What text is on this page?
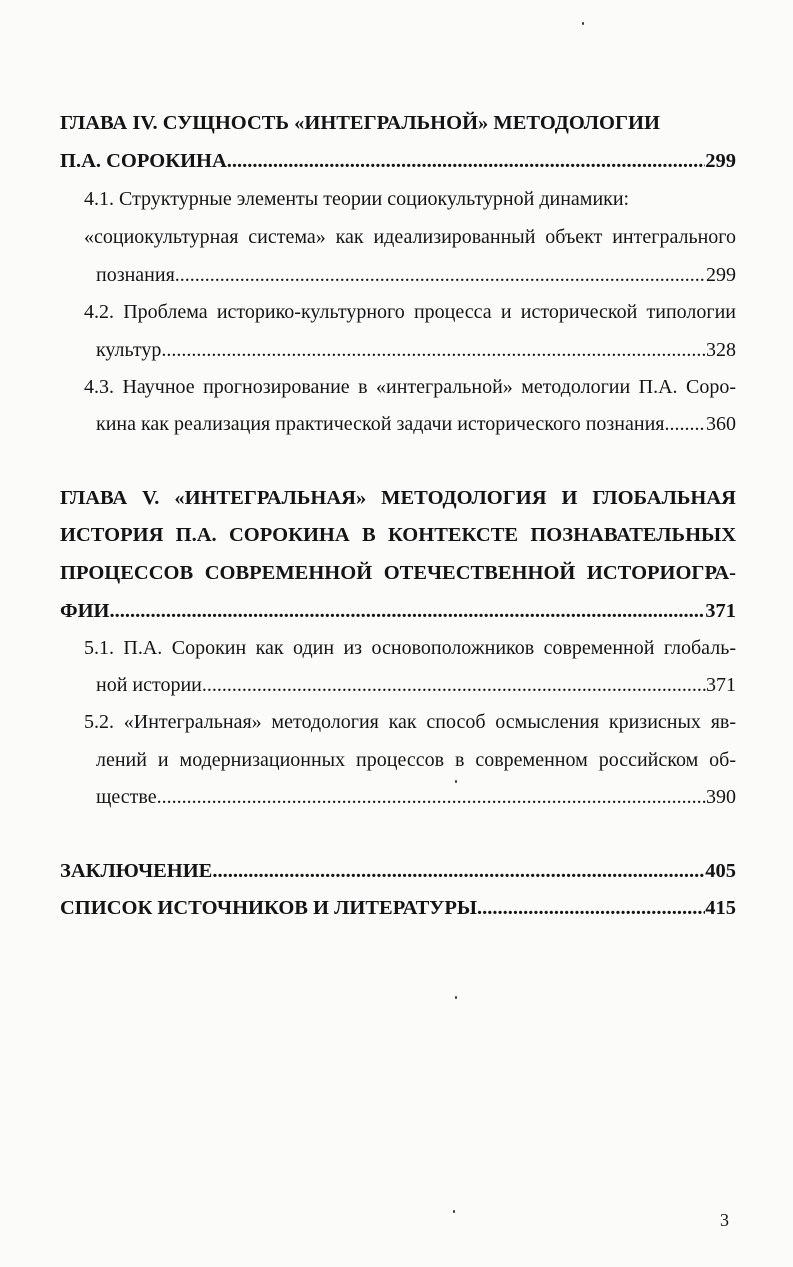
ГЛАВА IV. СУЩНОСТЬ «ИНТЕГРАЛЬНОЙ» МЕТОДОЛОГИИ

П.А. СОРОКИНА .....	299

4.1. Структурные элементы теории социокультурной динамики:

«социокультурная система» как идеализированный объект интегрального

познания .....	299

4.2. Проблема историко-культурного процесса и исторической типологии

культур .....	328

4.3. Научное прогнозирование в «интегральной» методологии П.А. Соро-

кина как реализация практической задачи исторического познания ..... 360

ГЛАВА V. «ИНТЕГРАЛЬНАЯ» МЕТОДОЛОГИЯ И ГЛОБАЛЬНАЯ

ИСТОРИЯ П.А. СОРОКИНА В КОНТЕКСТЕ ПОЗНАВАТЕЛЬНЫХ

ПРОЦЕССОВ СОВРЕМЕННОЙ ОТЕЧЕСТВЕННОЙ ИСТОРИОГРА-

ФИИ .....	371

5.1. П.А. Сорокин как один из основоположников современной глобаль-

ной истории .....	371

5.2. «Интегральная» методология как способ осмысления кризисных яв-

лений и модернизационных процессов в современном российском об-

ществе .....	390

ЗАКЛЮЧЕНИЕ .....	405

СПИСОК ИСТОЧНИКОВ И ЛИТЕРАТУРЫ .....	415

3
